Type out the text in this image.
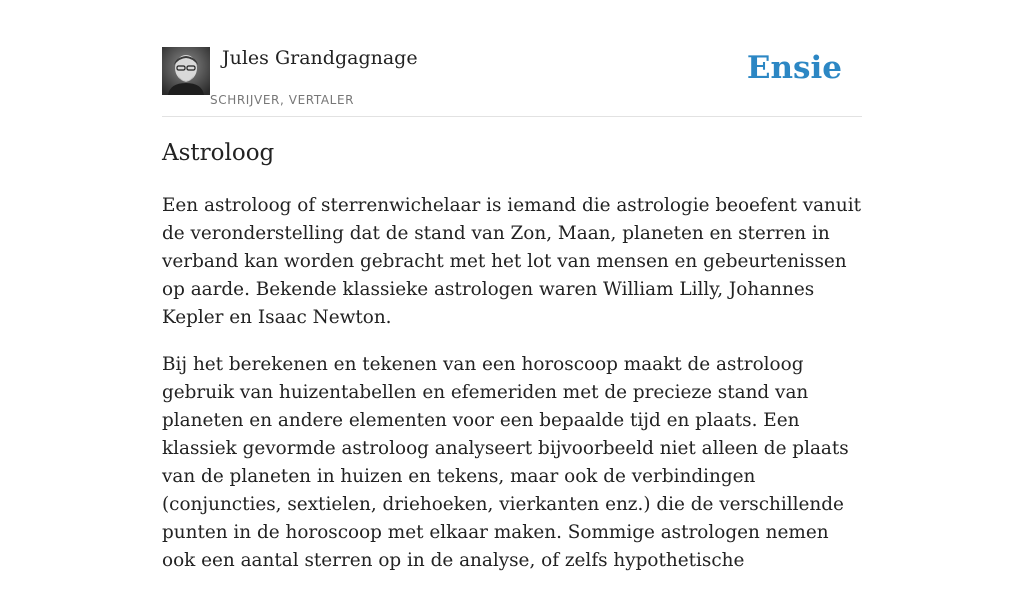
Jules Grandgagnage
SCHRIJVER, VERTALER
Ensie
Astroloog

Een astroloog of sterrenwichelaar is iemand die astrologie beoefent vanuit de veronderstelling dat de stand van Zon, Maan, planeten en sterren in verband kan worden gebracht met het lot van mensen en gebeurtenissen op aarde. Bekende klassieke astrologen waren William Lilly, Johannes Kepler en Isaac Newton.

Bij het berekenen en tekenen van een horoscoop maakt de astroloog gebruik van huizentabellen en efemeriden met de precieze stand van planeten en andere elementen voor een bepaalde tijd en plaats. Een klassiek gevormde astroloog analyseert bijvoorbeeld niet alleen de plaats van de planeten in huizen en tekens, maar ook de verbindingen (conjuncties, sextielen, driehoeken, vierkanten enz.) die de verschillende punten in de horoscoop met elkaar maken. Sommige astrologen nemen ook een aantal sterren op in de analyse, of zelfs hypothetische
